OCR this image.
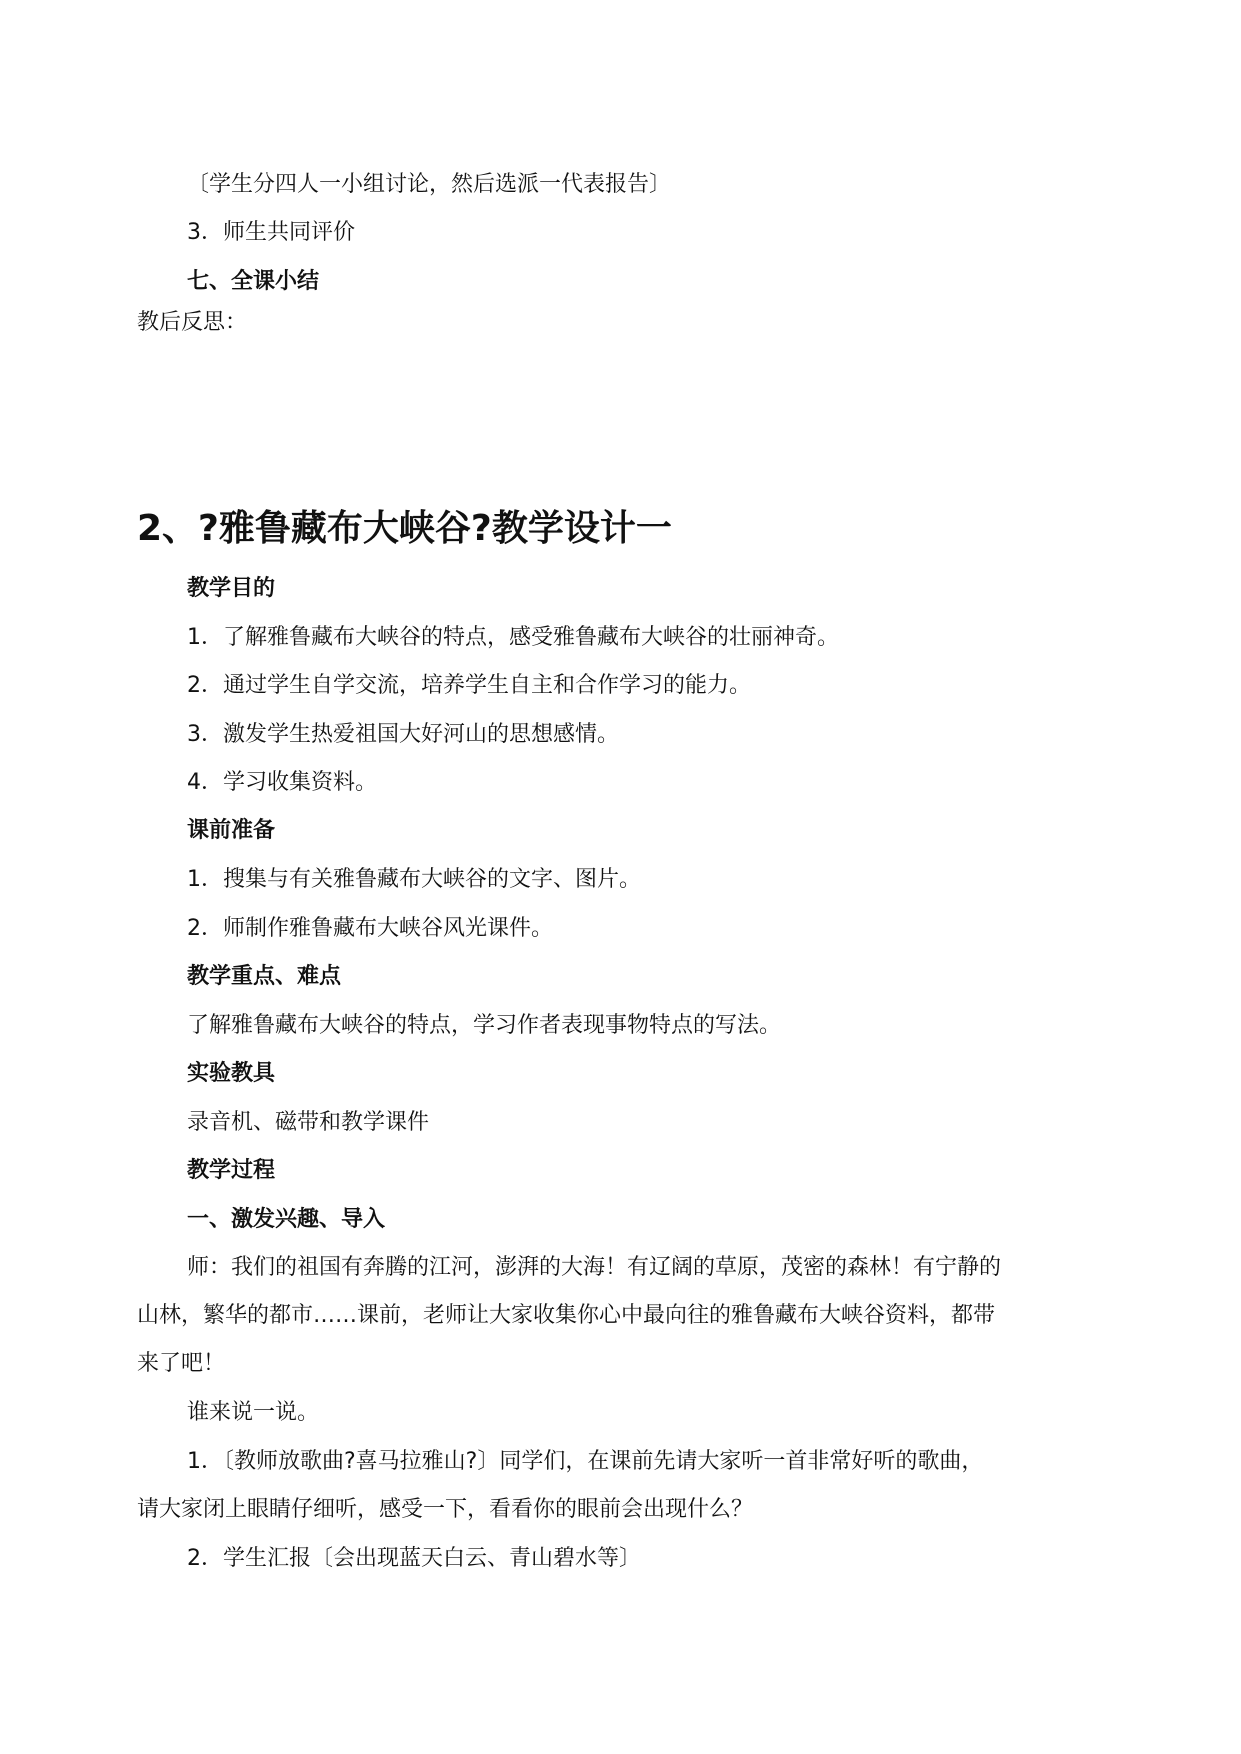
〔学生分四人一小组讨论，然后选派一代表报告〕
3．师生共同评价
七、全课小结
教后反思：
2、?雅鲁藏布大峡谷?教学设计一
教学目的
1．了解雅鲁藏布大峡谷的特点，感受雅鲁藏布大峡谷的壮丽神奇。
2．通过学生自学交流，培养学生自主和合作学习的能力。
3．激发学生热爱祖国大好河山的思想感情。
4．学习收集资料。
课前准备
1．搜集与有关雅鲁藏布大峡谷的文字、图片。
2．师制作雅鲁藏布大峡谷风光课件。
教学重点、难点
了解雅鲁藏布大峡谷的特点，学习作者表现事物特点的写法。
实验教具
录音机、磁带和教学课件
教学过程
一、激发兴趣、导入
师：我们的祖国有奔腾的江河，澎湃的大海！有辽阔的草原，茂密的森林！有宁静的
山林，繁华的都市……课前，老师让大家收集你心中最向往的雅鲁藏布大峡谷资料，都带
来了吧！
谁来说一说。
1．〔教师放歌曲?喜马拉雅山?〕同学们，在课前先请大家听一首非常好听的歌曲，
请大家闭上眼睛仔细听，感受一下，看看你的眼前会出现什么？
2．学生汇报〔会出现蓝天白云、青山碧水等〕
